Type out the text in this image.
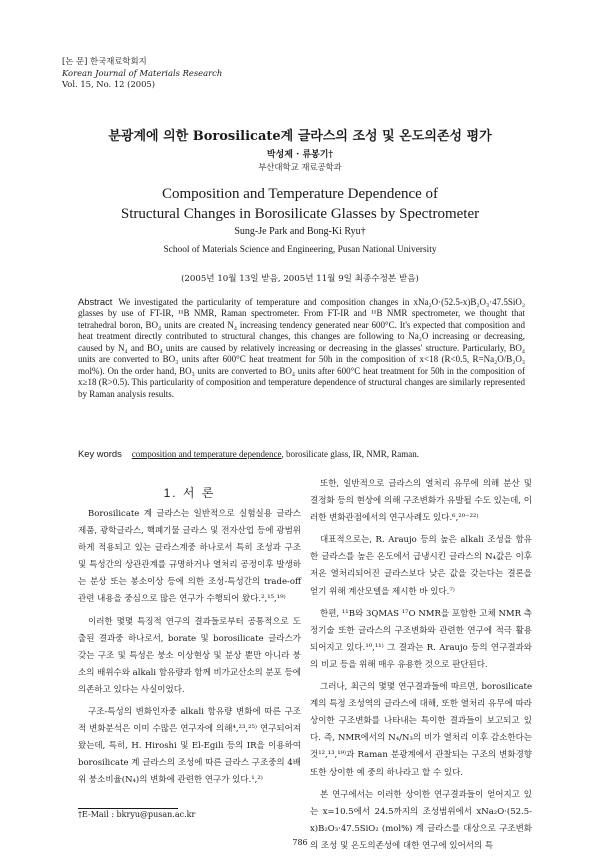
[논 문] 한국재료학회지
Korean Journal of Materials Research
Vol. 15, No. 12 (2005)
분광계에 의한 Borosilicate계 글라스의 조성 및 온도의존성 평가
박성제 · 류봉기†
부산대학교 재료공학과
Composition and Temperature Dependence of
Structural Changes in Borosilicate Glasses by Spectrometer
Sung-Je Park and Bong-Ki Ryu†
School of Materials Science and Engineering, Pusan National University
(2005년 10월 13일 받음, 2005년 11월 9일 최종수정본 받음)
Abstract We investigated the particularity of temperature and composition changes in xNa₂O·(52.5-x)B₂O₃·47.5SiO₂ glasses by use of FT-IR, ¹¹B NMR, Raman spectrometer. From FT-IR and ¹¹B NMR spectrometer, we thought that tetrahedral boron, BO₄ units are created N₄ increasing tendency generated near 600°C. It's expected that composition and heat treatment directly contributed to structural changes, this changes are following to Na₂O increasing or decreasing, caused by N₄ and BO₄ units are caused by relatively increasing or decreasing in the glasses' structure. Particularly, BO₄ units are converted to BO₃ units after 600°C heat treatment for 50h in the composition of x<18 (R<0.5, R=Na₂O/B₂O₃ mol%). On the order hand, BO₃ units are converted to BO₄ units after 600°C heat treatment for 50h in the composition of x≥18 (R>0.5). This particularity of composition and temperature dependence of structural changes are similarly represented by Raman analysis results.
Key words composition and temperature dependence, borosilicate glass, IR, NMR, Raman.
1. 서 론

Borosilicate 계 글라스는 일반적으로 실험실용 글라스 제품, 광학글라스, 핵폐기물 글라스 및 전자산업 등에 광범위하게 적용되고 있는 글라스계중 하나로서 특히 조성과 구조 및 특성간의 상관관계를 규명하거나 열처리 공정이후 발생하는 분상 또는 봉소이상 등에 의한 조성-특성간의 trade-off 관련 내용을 중심으로 많은 연구가 수행되어 왔다.²,¹⁵,¹⁹⁾

이러한 몇몇 특징적 연구의 결과들로부터 공통적으로 도출된 결과중 하나로서, borate 및 borosilicate 글라스가 갖는 구조 및 특성은 붕소 이상현상 및 분상 뿐만 아니라 붕소의 배위수와 alkali 함유량과 함께 비가교산소의 분포 등에 의존하고 있다는 사실이었다.

구조-특성의 변화인자중 alkali 함유량 변화에 따른 구조적 변화분석은 이미 수많은 연구자에 의해⁴,²³,²⁵⁾ 연구되어져 왔는데, 특히, H. Hiroshi 및 El-Egili 등의 IR을 이용하여 borosilicate 계 글라스의 조성에 따른 글라스 구조중의 4배위 붕소비율(N₄)의 변화에 관련한 연구가 있다.¹,²⁾

또한, 일반적으로 글라스의 열처리 유무에 의해 분산 및 결정화 등의 현상에 의해 구조변화가 유발될 수도 있는데, 이러한 변화관점에서의 연구사례도 있다.⁶,²⁰⁻²²⁾

대표적으로는, R. Araujo 등의 높은 alkali 조성을 함유한 글라스를 높은 온도에서 급냉시킨 글라스의 N₄값은 이후 저온 열처리되어진 글라스보다 낮은 값을 갖는다는 결론을 얻기 위해 계산모델을 제시한 바 있다.⁷⁾

한편, ¹¹B와 3QMAS ¹⁷O NMR을 포함한 고체 NMR 측정기술 또한 글라스의 구조변화와 관련한 연구에 적극 활용되어지고 있다.¹⁰,¹¹⁾ 그 결과는 R. Araujo 등의 연구결과와의 비교 등을 위해 매우 유용한 것으로 판단된다.

그러나, 최근의 몇몇 연구결과들에 따르면, borosilicate 계의 특정 조성역의 글라스에 대해, 또한 열처리 유무에 따라 상이한 구조변화를 나타내는 특이한 결과들이 보고되고 있다. 즉, NMR에서의 N₄/N₃의 비가 열처리 이후 감소한다는 것¹²,¹³,¹⁹⁾과 Raman 분광계에서 관찰되는 구조의 변화경향 또한 상이한 예 중의 하나라고 할 수 있다.

본 연구에서는 이러한 상이한 연구결과들이 얻어지고 있는 x=10.5에서 24.5까지의 조성범위에서 xNa₂O·(52.5-x)B₂O₃·47.5SiO₂ (mol%) 계 글라스를 대상으로 구조변화의 조성 및 온도의존성에 대한 연구에 있어서의 특

†E-Mail : bkryu@pusan.ac.kr
786
